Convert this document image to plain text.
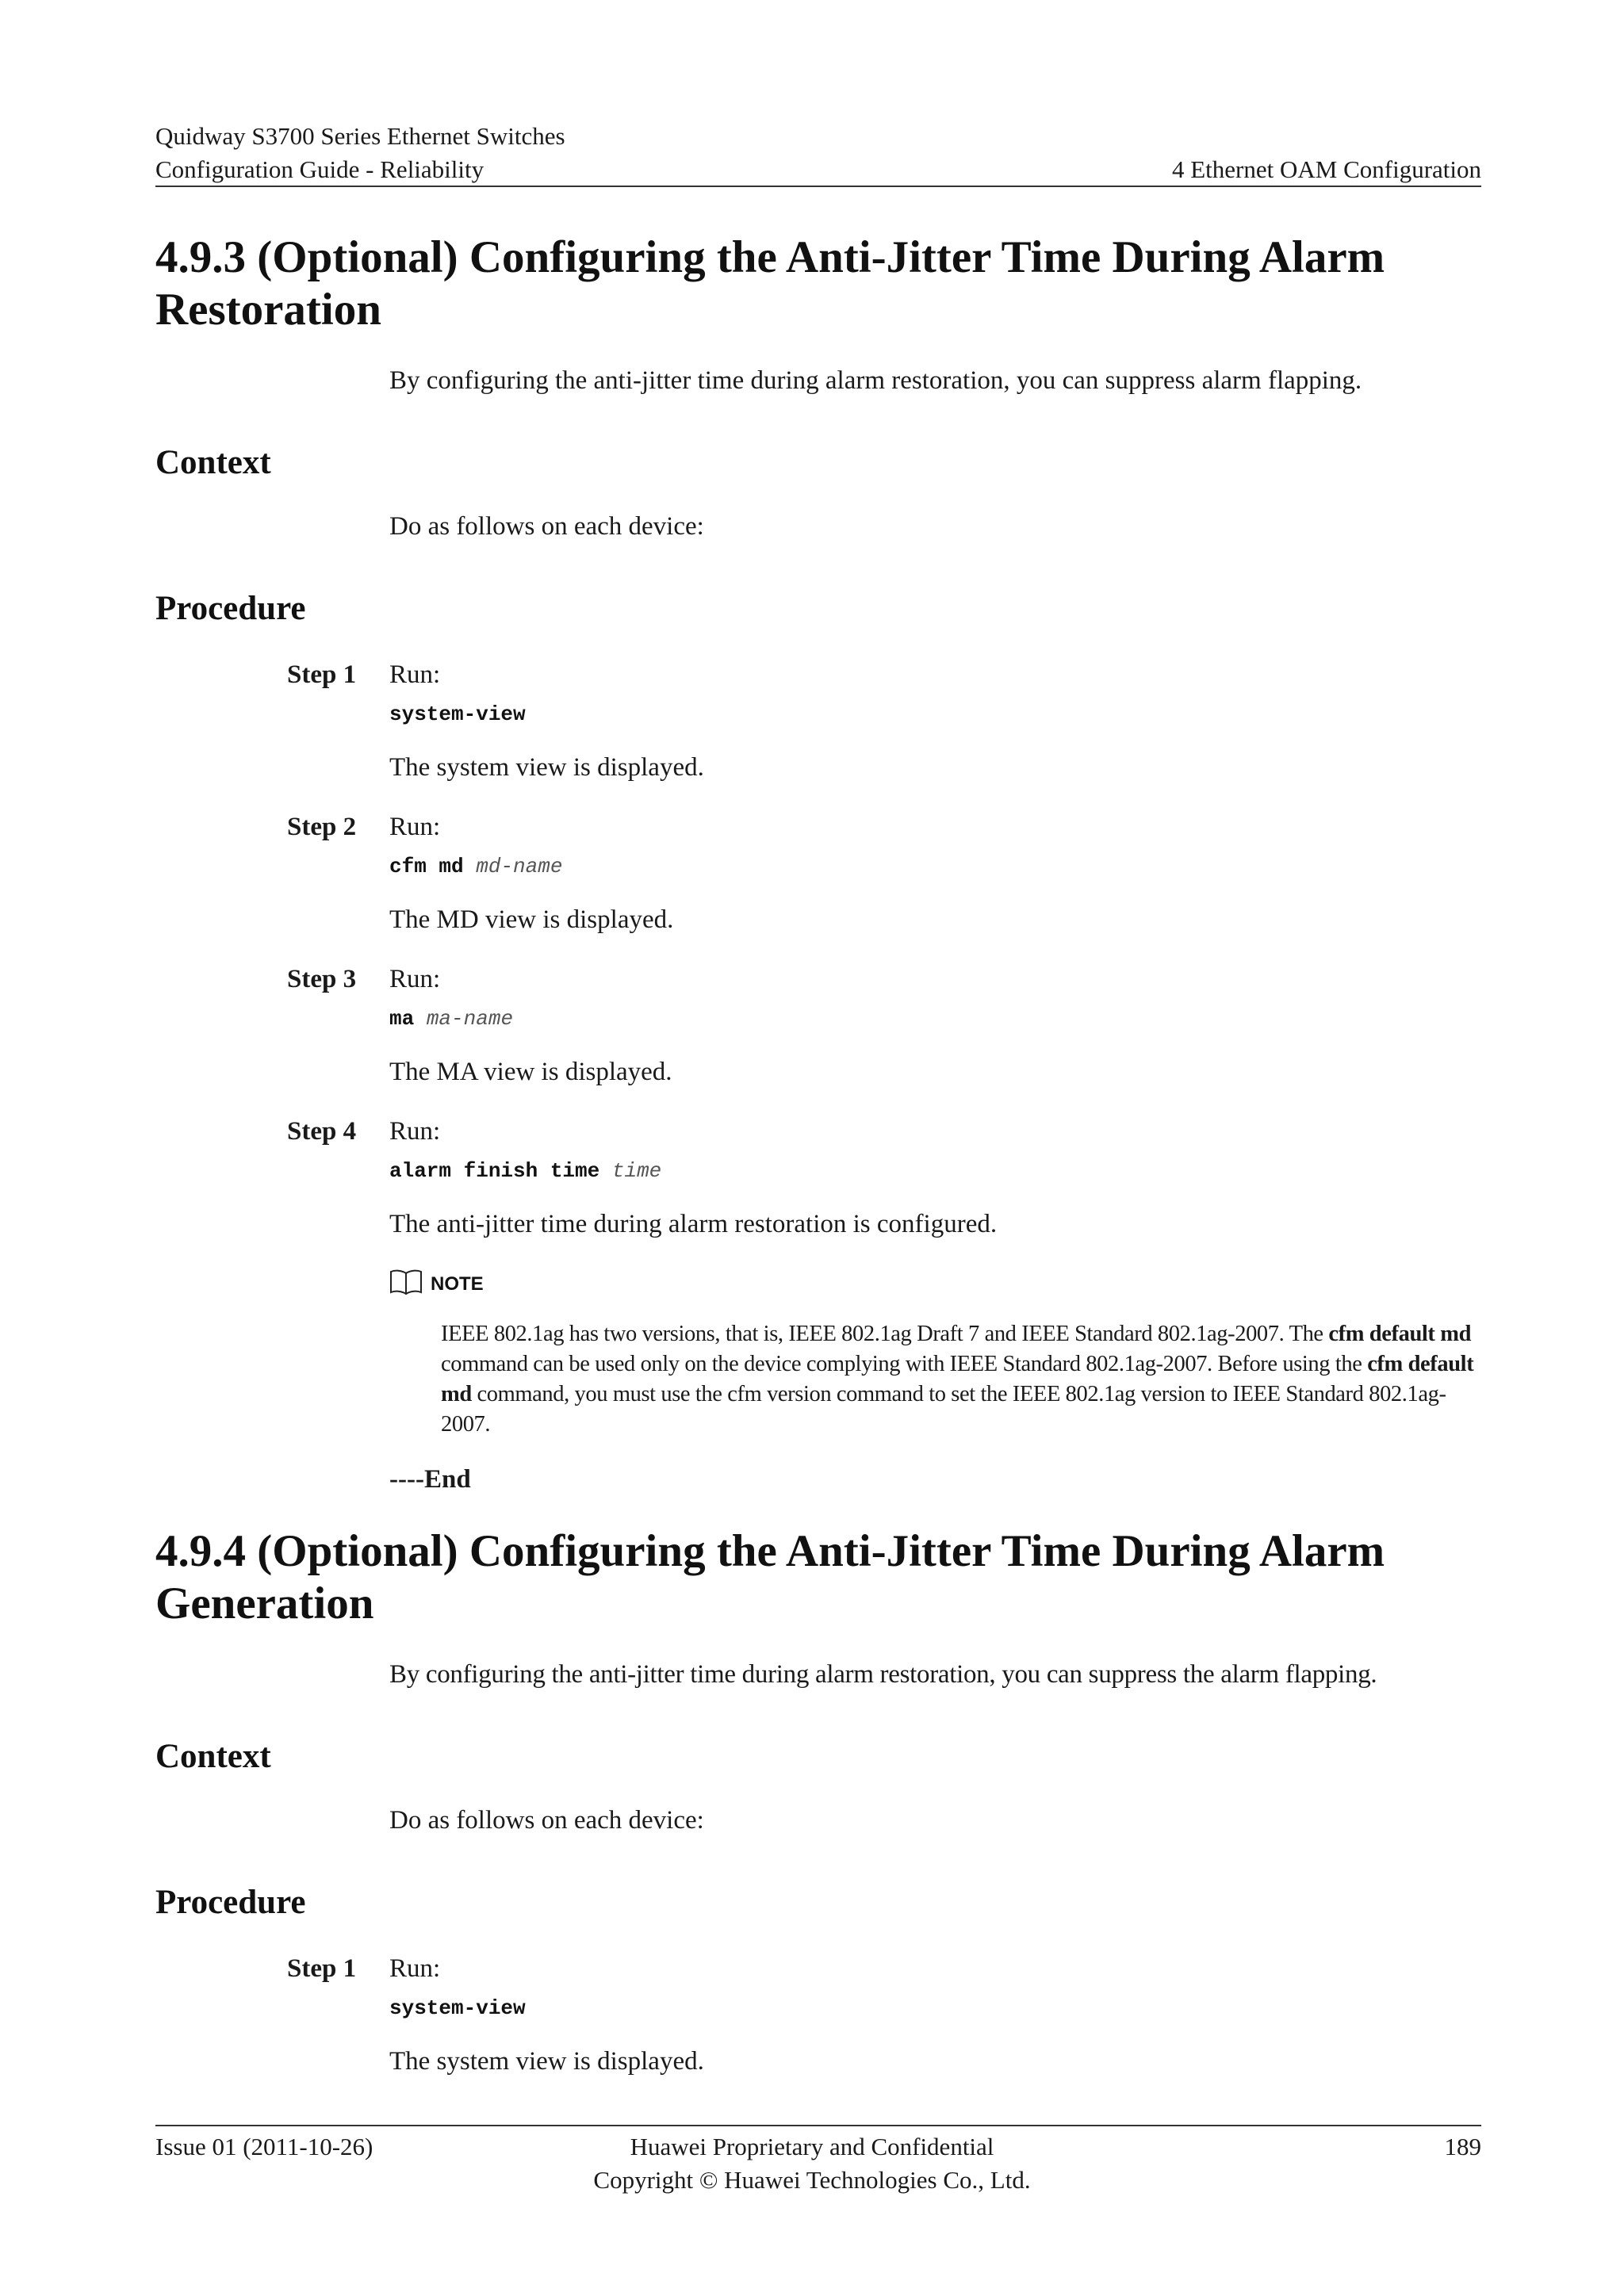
Quidway S3700 Series Ethernet Switches
Configuration Guide - Reliability	4 Ethernet OAM Configuration
4.9.3 (Optional) Configuring the Anti-Jitter Time During Alarm
Restoration
By configuring the anti-jitter time during alarm restoration, you can suppress alarm flapping.
Context
Do as follows on each device:
Procedure
Step 1 Run:
system-view
The system view is displayed.
Step 2 Run:
cfm md md-name
The MD view is displayed.
Step 3 Run:
ma ma-name
The MA view is displayed.
Step 4 Run:
alarm finish time time
The anti-jitter time during alarm restoration is configured.
NOTE
IEEE 802.1ag has two versions, that is, IEEE 802.1ag Draft 7 and IEEE Standard 802.1ag-2007. The cfm default md command can be used only on the device complying with IEEE Standard 802.1ag-2007. Before using the cfm default md command, you must use the cfm version command to set the IEEE 802.1ag version to IEEE Standard 802.1ag-2007.
----End
4.9.4 (Optional) Configuring the Anti-Jitter Time During Alarm
Generation
By configuring the anti-jitter time during alarm restoration, you can suppress the alarm flapping.
Context
Do as follows on each device:
Procedure
Step 1 Run:
system-view
The system view is displayed.
Issue 01 (2011-10-26)	Huawei Proprietary and Confidential
Copyright © Huawei Technologies Co., Ltd.
189
